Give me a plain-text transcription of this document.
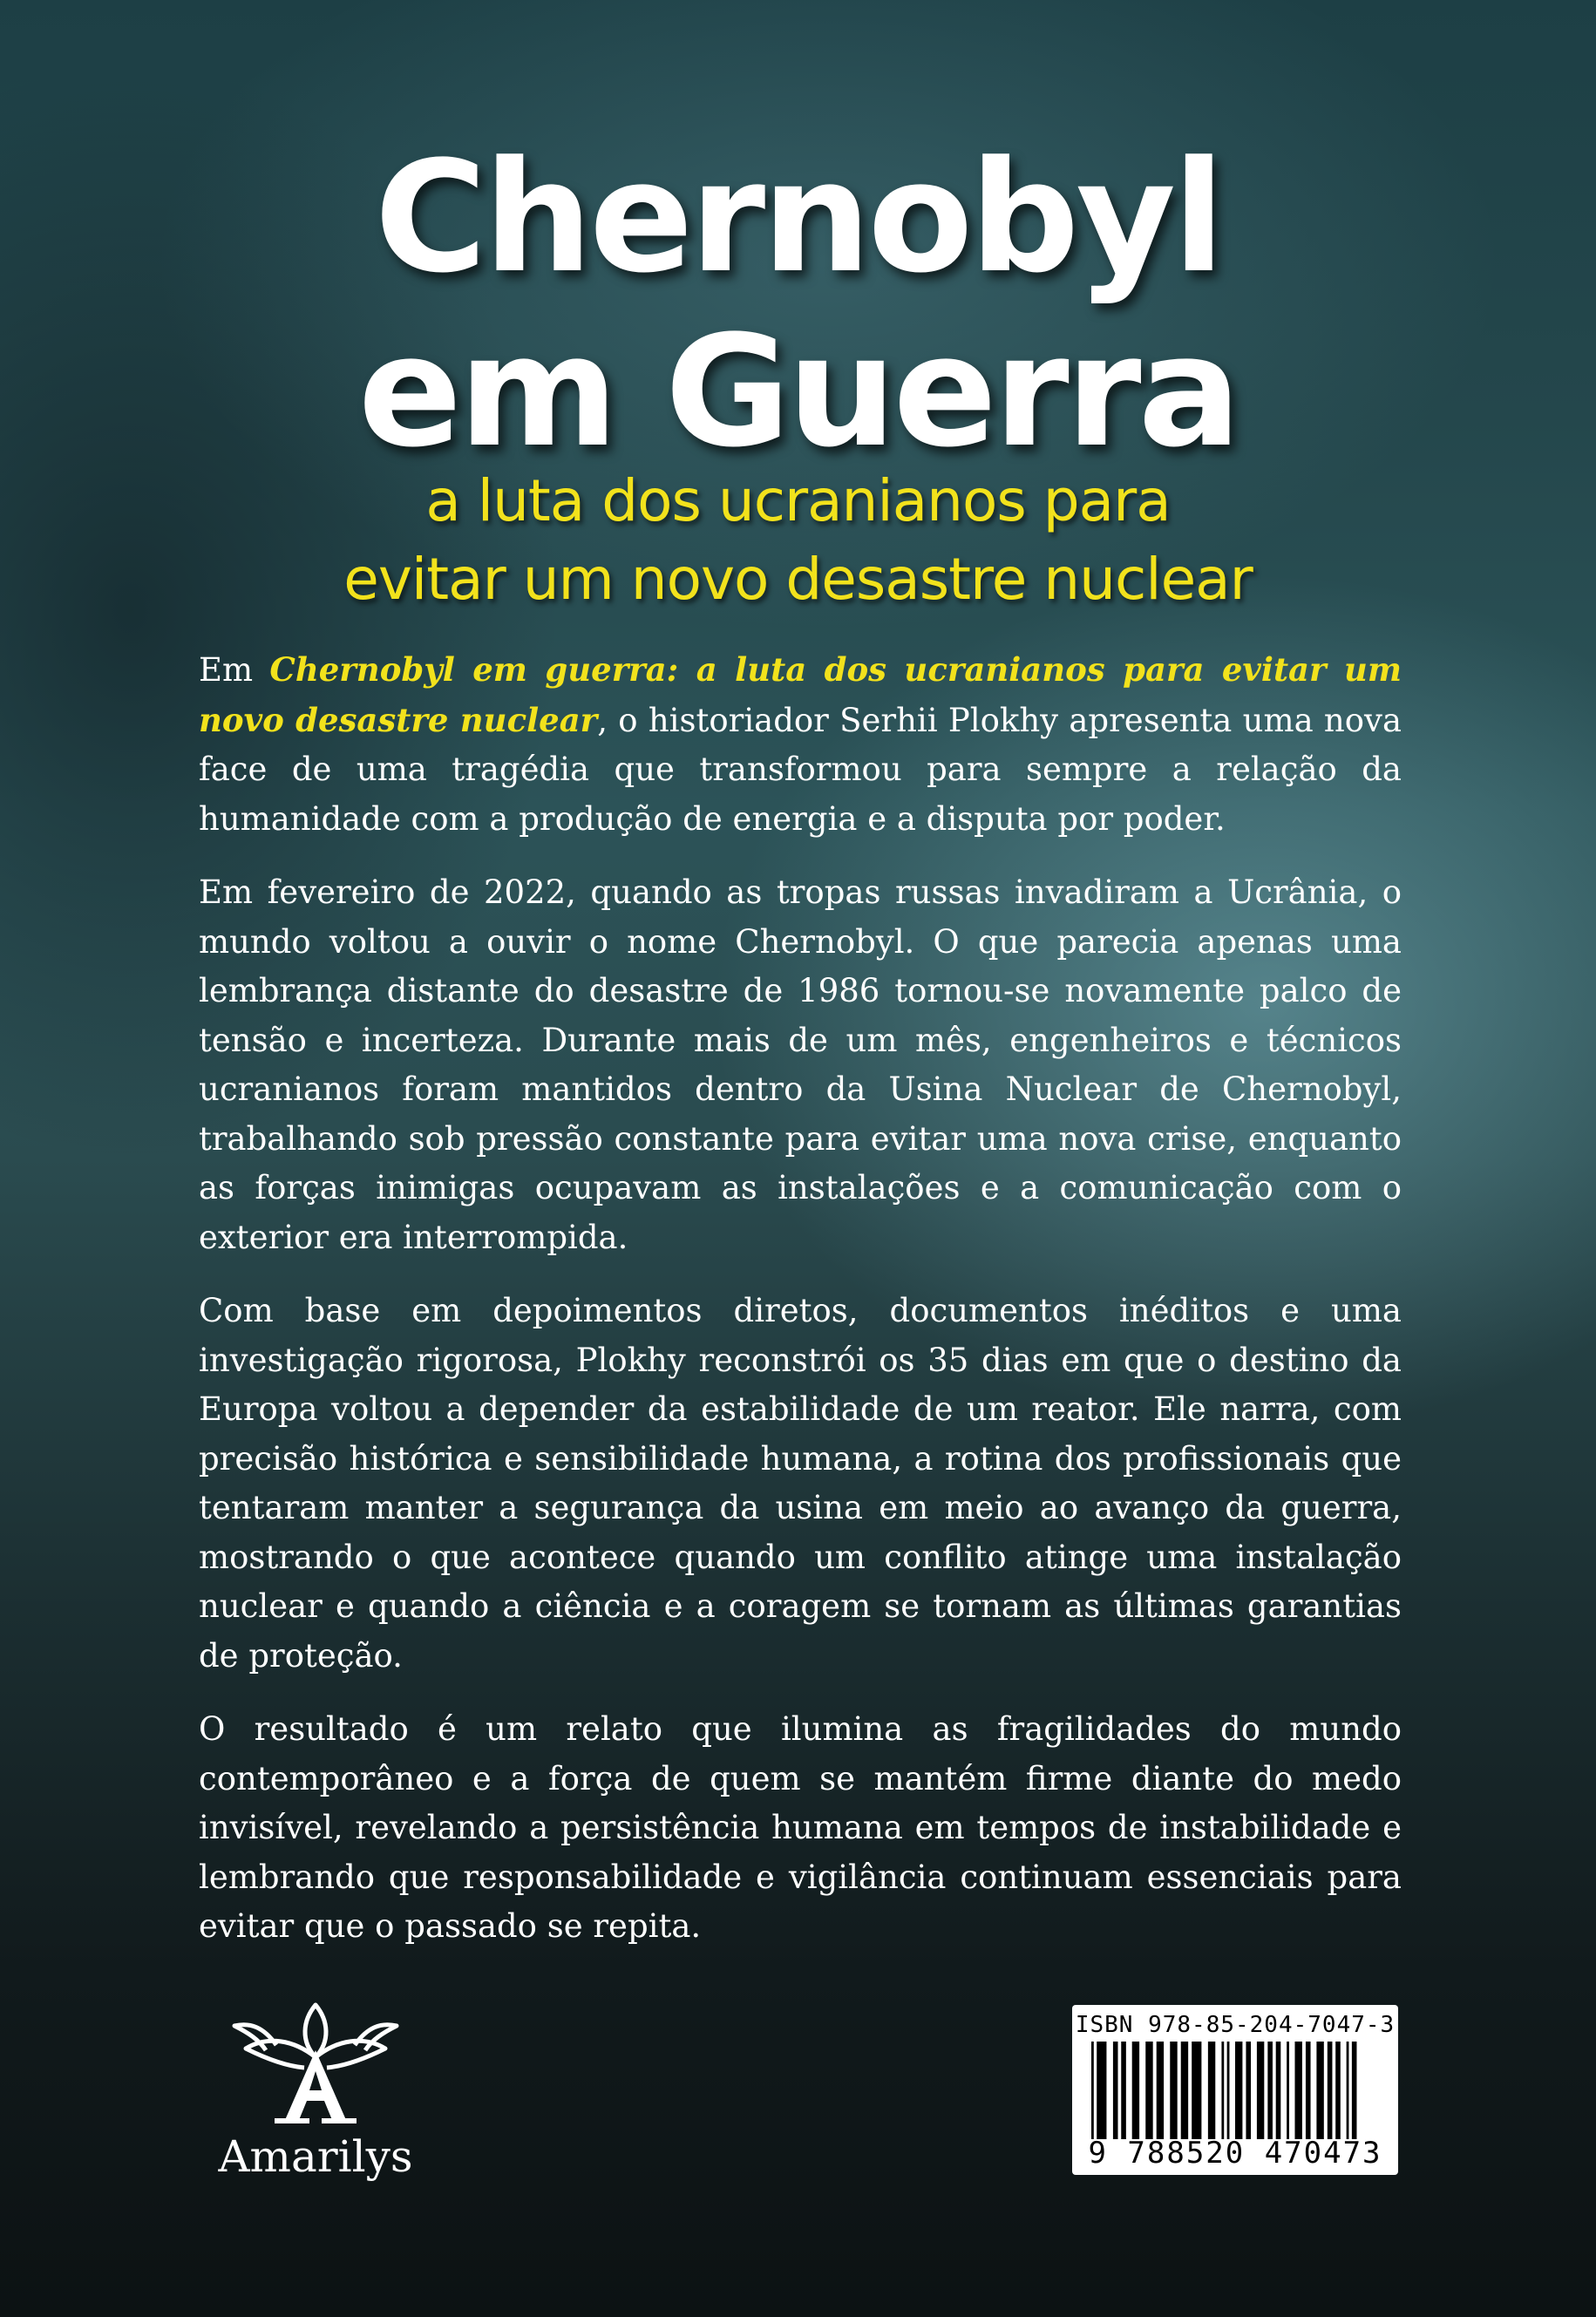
Chernobyl
em Guerra
a luta dos ucranianos para
evitar um novo desastre nuclear

Em Chernobyl em guerra: a luta dos ucranianos para evitar um novo desastre nuclear, o historiador Serhii Plokhy apresenta uma nova face de uma tragédia que transformou para sempre a relação da humanidade com a produção de energia e a disputa por poder.

Em fevereiro de 2022, quando as tropas russas invadiram a Ucrânia, o mundo voltou a ouvir o nome Chernobyl. O que parecia apenas uma lembrança distante do desastre de 1986 tornou-se novamente palco de tensão e incerteza. Durante mais de um mês, engenheiros e técnicos ucranianos foram mantidos dentro da Usina Nuclear de Chernobyl, trabalhando sob pressão constante para evitar uma nova crise, enquanto as forças inimigas ocupavam as instalações e a comunicação com o exterior era interrompida.

Com base em depoimentos diretos, documentos inéditos e uma investigação rigorosa, Plokhy reconstrói os 35 dias em que o destino da Europa voltou a depender da estabilidade de um reator. Ele narra, com precisão histórica e sensibilidade humana, a rotina dos profissionais que tentaram manter a segurança da usina em meio ao avanço da guerra, mostrando o que acontece quando um conflito atinge uma instalação nuclear e quando a ciência e a coragem se tornam as últimas garantias de proteção.

O resultado é um relato que ilumina as fragilidades do mundo contemporâneo e a força de quem se mantém firme diante do medo invisível, revelando a persistência humana em tempos de instabilidade e lembrando que responsabilidade e vigilância continuam essenciais para evitar que o passado se repita.

Amarilys
ISBN 978-85-204-7047-3
9 788520 470473
